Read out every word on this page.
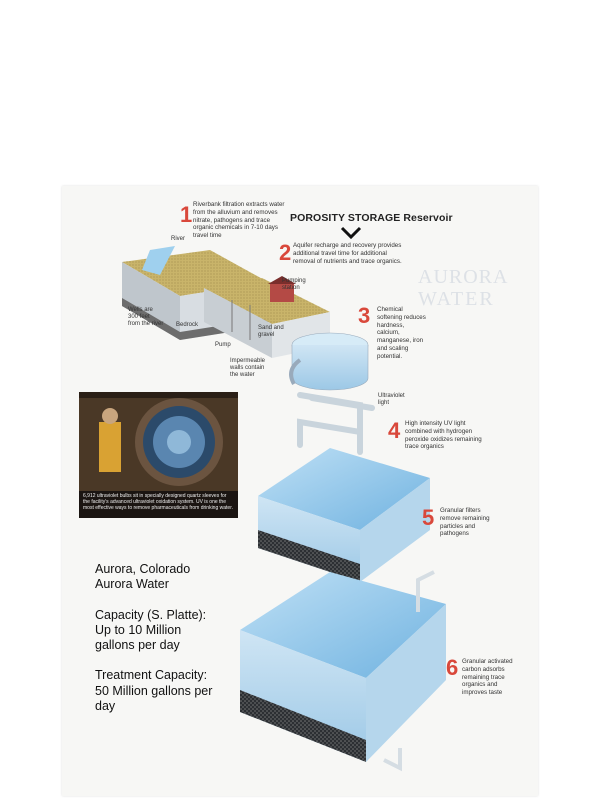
AURORA
WATER
POROSITY STORAGE Reservoir
1 Riverbank filtration extracts water
from the alluvium and removes
nitrate, pathogens and trace
organic chemicals in 7-10 days
travel time
2 Aquifer recharge and recovery provides
additional travel time for additional
removal of nutrients and trace organics.
3 Chemical
softening reduces
hardness,
calcium,
manganese, iron
and scaling
potential.
4 High intensity UV light
combined with hydrogen
peroxide oxidizes remaining
trace organics
5 Granular filters
remove remaining
particles and
pathogens
6 Granular activated
carbon adsorbs
remaining trace
organics and
improves taste
River
Wells are
300 feet
from the river Bedrock
Pump
Pumping
station
Sand and
gravel
Impermeable
walls contain
the water
Ultraviolet
light
6,912 ultraviolet bulbs sit in specially designed quartz sleeves for the facility's advanced ultraviolet oxidation system. UV is one the most effective ways to remove pharmaceuticals from drinking water.

Aurora, Colorado

Aurora Water

Capacity (S. Platte):

Up to 10 Million

gallons per day

Treatment Capacity:

50 Million gallons per

day
